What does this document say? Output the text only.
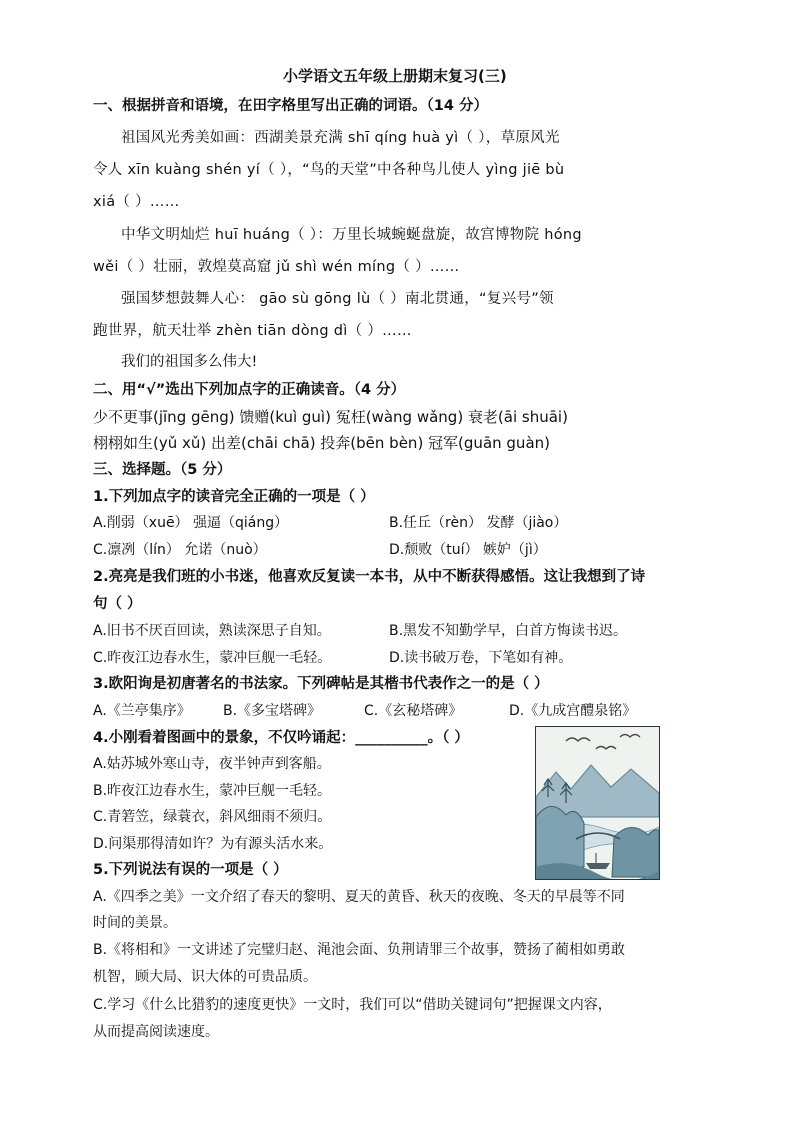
小学语文五年级上册期末复习(三)
一、根据拼音和语境，在田字格里写出正确的词语。（14 分）
祖国风光秀美如画：西湖美景充满 shī qíng huà yì（ ），草原风光
令人 xīn kuàng shén yí（ ），“鸟的天堂”中各种鸟儿使人 yìng jiē bù
xiá（ ）……
中华文明灿烂 huī huáng（ ）：万里长城蜿蜒盘旋，故宫博物院 hóng
wěi（ ）壮丽，敦煌莫高窟 jǔ shì wén míng（ ）……
强国梦想鼓舞人心： gāo sù gōng lù（ ）南北贯通，“复兴号”领
跑世界，航天壮举 zhèn tiān dòng dì（ ）……
我们的祖国多么伟大!
二、用“√”选出下列加点字的正确读音。（4 分）
少不更事(jīng gēng) 馈赠(kuì guì) 冤枉(wàng wǎng) 衰老(āi shuāi)
栩栩如生(yǔ xǔ) 出差(chāi chā) 投奔(bēn bèn) 冠军(guān guàn)
三、选择题。（5 分）
1.下列加点字的读音完全正确的一项是（ ）
A.削弱（xuē） 强逼（qiáng）	B.任丘（rèn） 发酵（jiào）
C.凛冽（lín） 允诺（nuò）	D.颓败（tuí） 嫉妒（jì）
2.亮亮是我们班的小书迷，他喜欢反复读一本书，从中不断获得感悟。这让我想到了诗
句（ ）
A.旧书不厌百回读，熟读深思子自知。	B.黑发不知勤学早，白首方悔读书迟。
C.昨夜江边春水生，蒙冲巨舰一毛轻。	D.读书破万卷，下笔如有神。
3.欧阳询是初唐著名的书法家。下列碑帖是其楷书代表作之一的是（ ）
A.《兰亭集序》 B.《多宝塔碑》	C.《玄秘塔碑》	D.《九成宫醴泉铭》
4.小刚看着图画中的景象，不仅吟诵起：__________。（ ）
A.姑苏城外寒山寺，夜半钟声到客船。
B.昨夜江边春水生，蒙冲巨舰一毛轻。
C.青箬笠，绿蓑衣，斜风细雨不须归。
D.问渠那得清如许？为有源头活水来。
5.下列说法有误的一项是（ ）
A.《四季之美》一文介绍了春天的黎明、夏天的黄昏、秋天的夜晚、冬天的早晨等不同
时间的美景。
B.《将相和》一文讲述了完璧归赵、渑池会面、负荆请罪三个故事，赞扬了蔺相如勇敢
机智，顾大局、识大体的可贵品质。
C.学习《什么比猎豹的速度更快》一文时，我们可以“借助关键词句”把握课文内容，
从而提高阅读速度。
